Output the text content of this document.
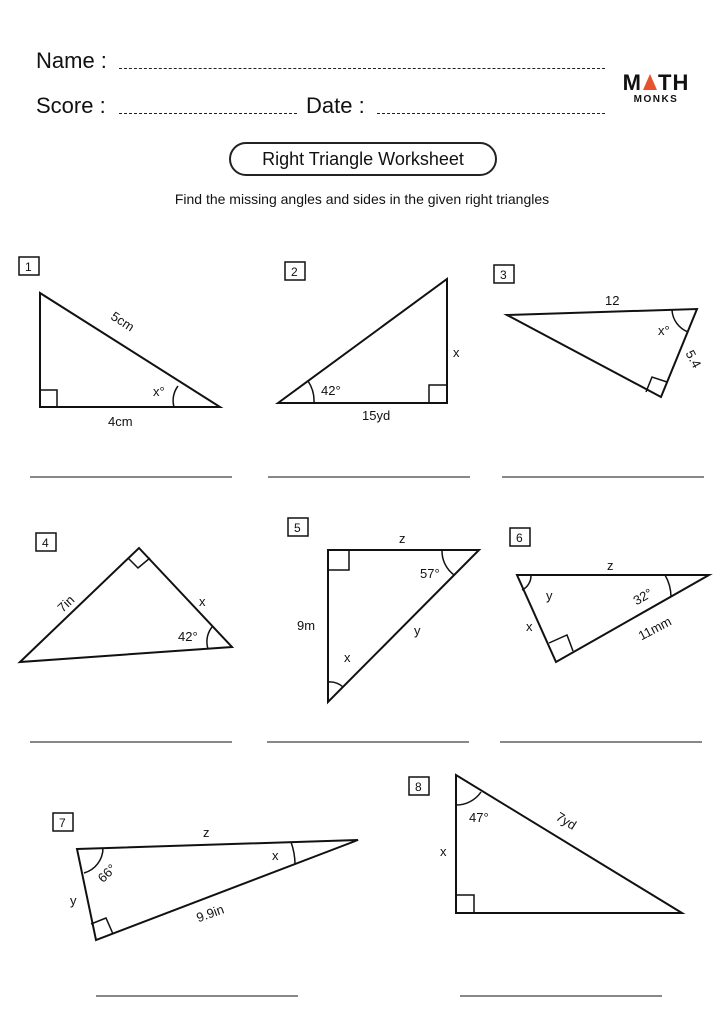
Name :
Score :	Date :
M TH
MONKS
Right Triangle Worksheet
Find the missing angles and sides in the given right triangles
1
5cm
x°
4cm
2
42°
x
15yd
3
12
x°
5.4
4
7in	x
42°
5
z
57°
9m	y
x
6
z
y	32°
x	11mm
7
z
x
66°
y
9.9in
8
47°	7yd
x
